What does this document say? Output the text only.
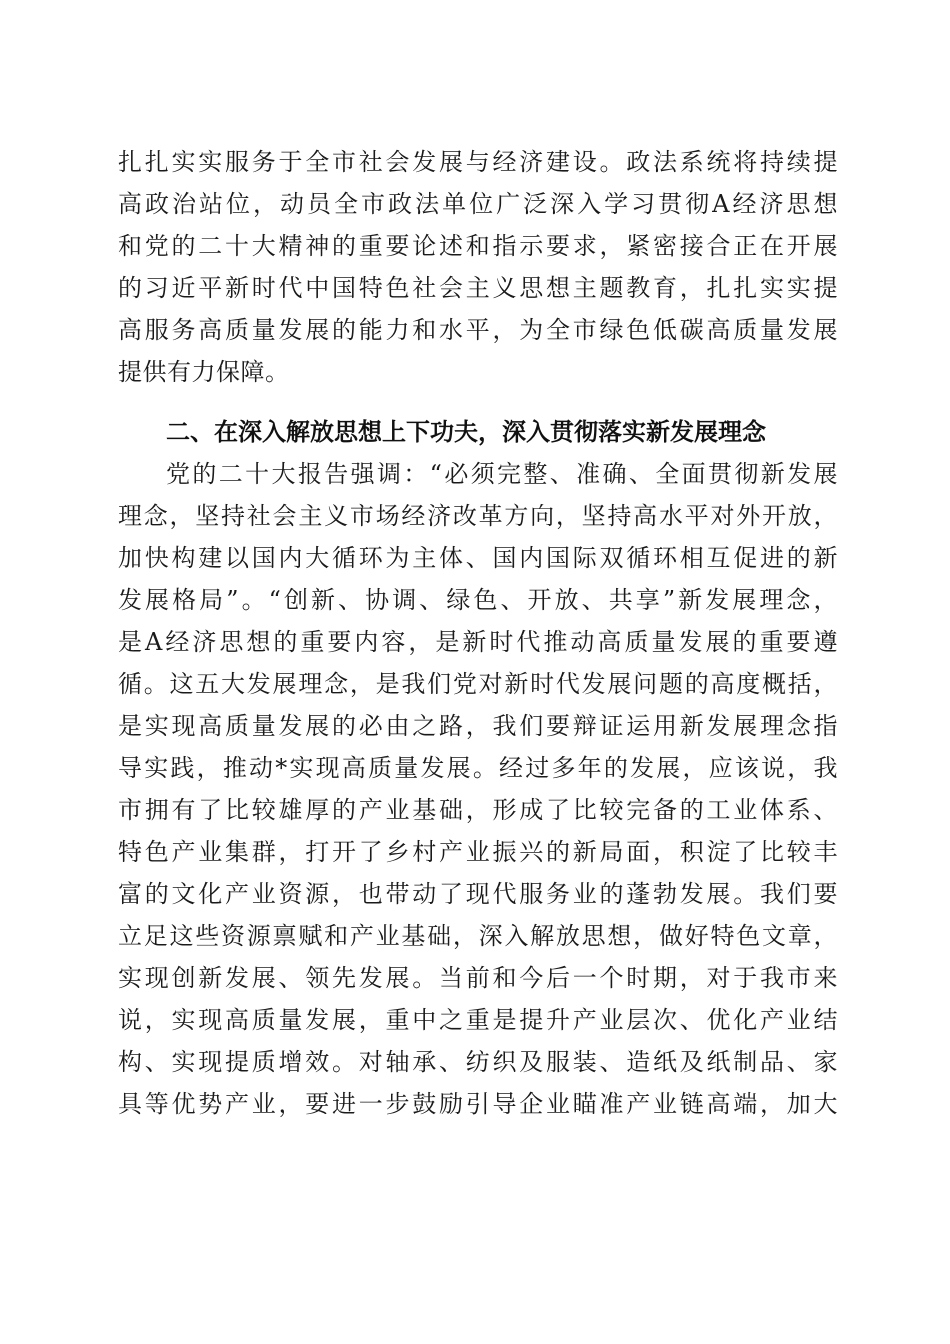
扎扎实实服务于全市社会发展与经济建设。政法系统将持续提
高政治站位，动员全市政法单位广泛深入学习贯彻A经济思想
和党的二十大精神的重要论述和指示要求，紧密接合正在开展
的习近平新时代中国特色社会主义思想主题教育，扎扎实实提
高服务高质量发展的能力和水平，为全市绿色低碳高质量发展
提供有力保障。
二、在深入解放思想上下功夫，深入贯彻落实新发展理念
党的二十大报告强调：“必须完整、准确、全面贯彻新发展
理念，坚持社会主义市场经济改革方向，坚持高水平对外开放，
加快构建以国内大循环为主体、国内国际双循环相互促进的新
发展格局”。“创新、协调、绿色、开放、共享”新发展理念，
是A经济思想的重要内容，是新时代推动高质量发展的重要遵
循。这五大发展理念，是我们党对新时代发展问题的高度概括，
是实现高质量发展的必由之路，我们要辩证运用新发展理念指
导实践，推动*实现高质量发展。经过多年的发展，应该说，我
市拥有了比较雄厚的产业基础，形成了比较完备的工业体系、
特色产业集群，打开了乡村产业振兴的新局面，积淀了比较丰
富的文化产业资源，也带动了现代服务业的蓬勃发展。我们要
立足这些资源禀赋和产业基础，深入解放思想，做好特色文章，
实现创新发展、领先发展。当前和今后一个时期，对于我市来
说，实现高质量发展，重中之重是提升产业层次、优化产业结
构、实现提质增效。对轴承、纺织及服装、造纸及纸制品、家
具等优势产业，要进一步鼓励引导企业瞄准产业链高端，加大
